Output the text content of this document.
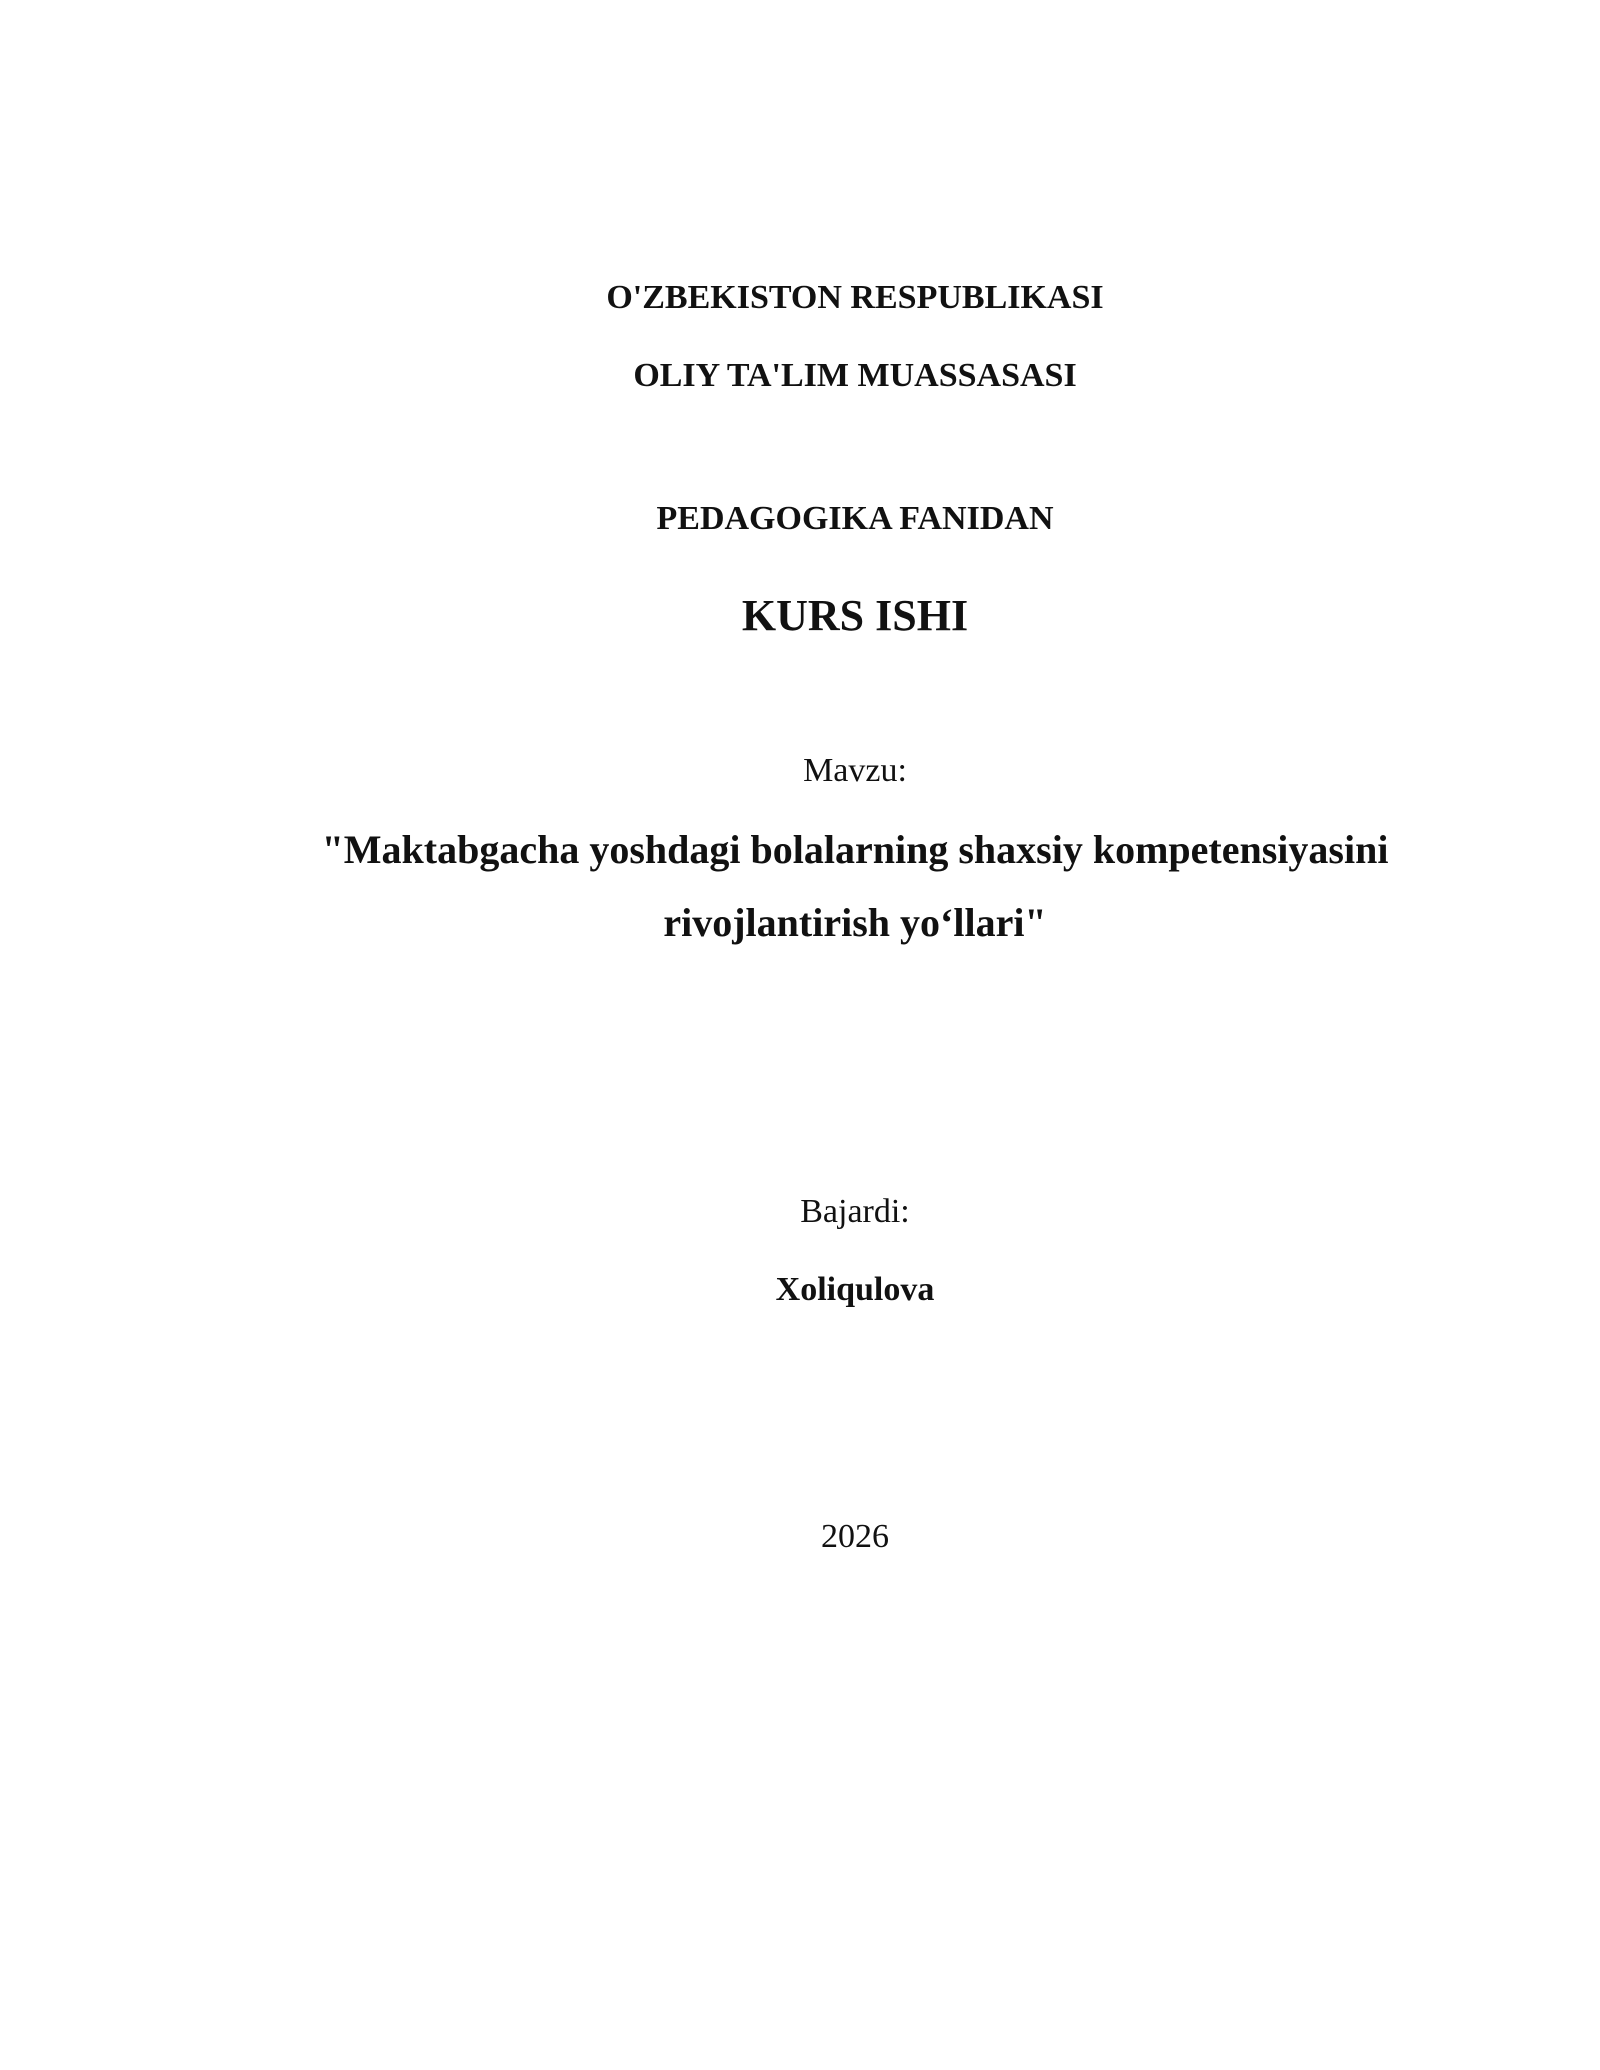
O'ZBEKISTON RESPUBLIKASI
OLIY TA'LIM MUASSASASI
PEDAGOGIKA FANIDAN
KURS ISHI
Mavzu:
"Maktabgacha yoshdagi bolalarning shaxsiy kompetensiyasini
rivojlantirish yo‘llari"
Bajardi:
Xoliqulova
2026
